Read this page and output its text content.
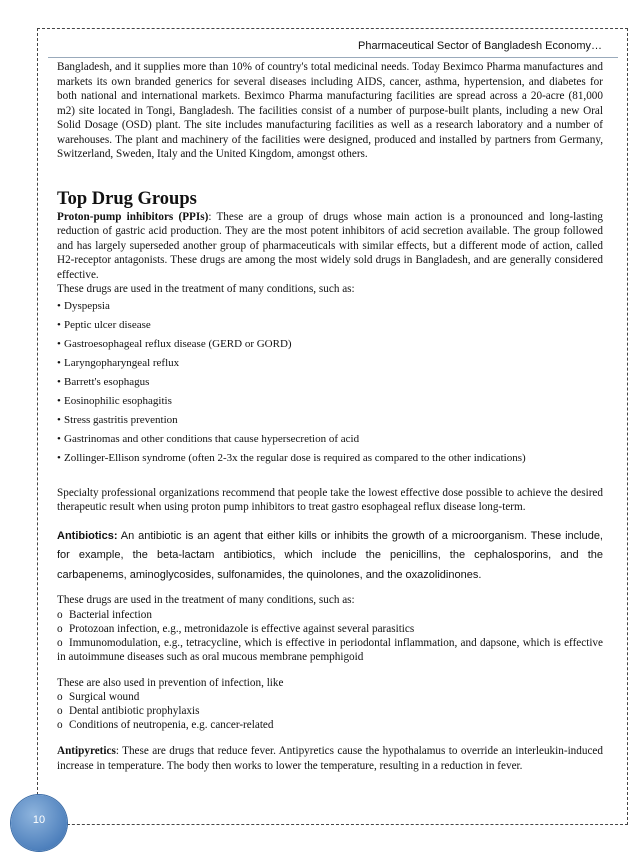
Pharmaceutical Sector of Bangladesh Economy…

Bangladesh, and it supplies more than 10% of country's total medicinal needs. Today Beximco Pharma manufactures and markets its own branded generics for several diseases including AIDS, cancer, asthma, hypertension, and diabetes for both national and international markets. Beximco Pharma manufacturing facilities are spread across a 20-acre (81,000 m2) site located in Tongi, Bangladesh. The facilities consist of a number of purpose-built plants, including a new Oral Solid Dosage (OSD) plant. The site includes manufacturing facilities as well as a research laboratory and a number of warehouses. The plant and machinery of the facilities were designed, produced and installed by partners from Germany, Switzerland, Sweden, Italy and the United Kingdom, amongst others.

Top Drug Groups

Proton-pump inhibitors (PPIs): These are a group of drugs whose main action is a pronounced and long-lasting reduction of gastric acid production. They are the most potent inhibitors of acid secretion available. The group followed and has largely superseded another group of pharmaceuticals with similar effects, but a different mode of action, called H2-receptor antagonists. These drugs are among the most widely sold drugs in Bangladesh, and are generally considered effective.

These drugs are used in the treatment of many conditions, such as:

• Dyspepsia
• Peptic ulcer disease
• Gastroesophageal reflux disease (GERD or GORD)
• Laryngopharyngeal reflux
• Barrett's esophagus
• Eosinophilic esophagitis
• Stress gastritis prevention
• Gastrinomas and other conditions that cause hypersecretion of acid
• Zollinger-Ellison syndrome (often 2-3x the regular dose is required as compared to the other indications)

Specialty professional organizations recommend that people take the lowest effective dose possible to achieve the desired therapeutic result when using proton pump inhibitors to treat gastro esophageal reflux disease long-term.

Antibiotics: An antibiotic is an agent that either kills or inhibits the growth of a microorganism. These include, for example, the beta-lactam antibiotics, which include the penicillins, the cephalosporins, and the carbapenems, aminoglycosides, sulfonamides, the quinolones, and the oxazolidinones.

These drugs are used in the treatment of many conditions, such as:

o Bacterial infection
o Protozoan infection, e.g., metronidazole is effective against several parasitics
o Immunomodulation, e.g., tetracycline, which is effective in periodontal inflammation, and dapsone, which is effective in autoimmune diseases such as oral mucous membrane pemphigoid

These are also used in prevention of infection, like

o Surgical wound
o Dental antibiotic prophylaxis
o Conditions of neutropenia, e.g. cancer-related

Antipyretics: These are drugs that reduce fever. Antipyretics cause the hypothalamus to override an interleukin-induced increase in temperature. The body then works to lower the temperature, resulting in a reduction in fever.

10
